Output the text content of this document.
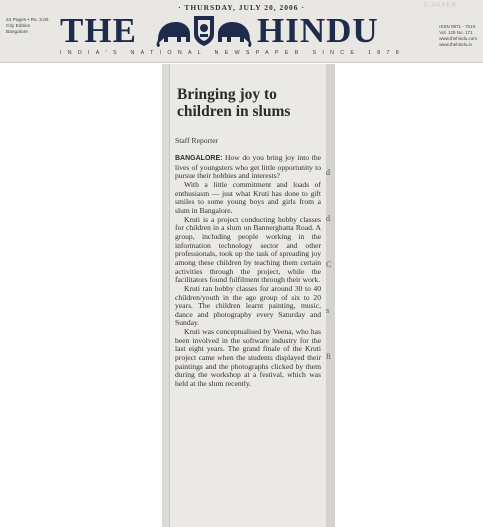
· THURSDAY, JULY 20, 2006 ·	E-PAPER
24 Pages • Rs. 3.00
City Edition
Bangalore THE	HINDU	ISSN 0971 - 751X
Vol. 129 No. 171
www.thehindu.com
www.thehindu.in
INDIA'S NATIONAL NEWSPAPER SINCE 1878
d
d
C
s
fi
Bringing joy to children in slums
Staff Reporter

BANGALORE: How do you bring joy into the lives of youngsters who get little opportunity to pursue their hobbies and interests?

With a little commitment and loads of enthusiasm — just what Kruti has done to gift smiles to some young boys and girls from a slum in Bangalore.

Kruti is a project conducting hobby classes for children in a slum on Bannerghatta Road. A group, including people working in the information technology sector and other professionals, took up the task of spreading joy among these children by teaching them certain activities through the project, while the facilitators found fulfilment through their work.

Kruti ran hobby classes for around 30 to 40 children/youth in the age group of six to 20 years. The children learnt painting, music, dance and photography every Saturday and Sunday.

Kruti was conceptualised by Veena, who has been involved in the software industry for the last eight years. The grand finale of the Kruti project came when the students displayed their paintings and the photographs clicked by them during the workshop at a festival, which was held at the slum recently.
